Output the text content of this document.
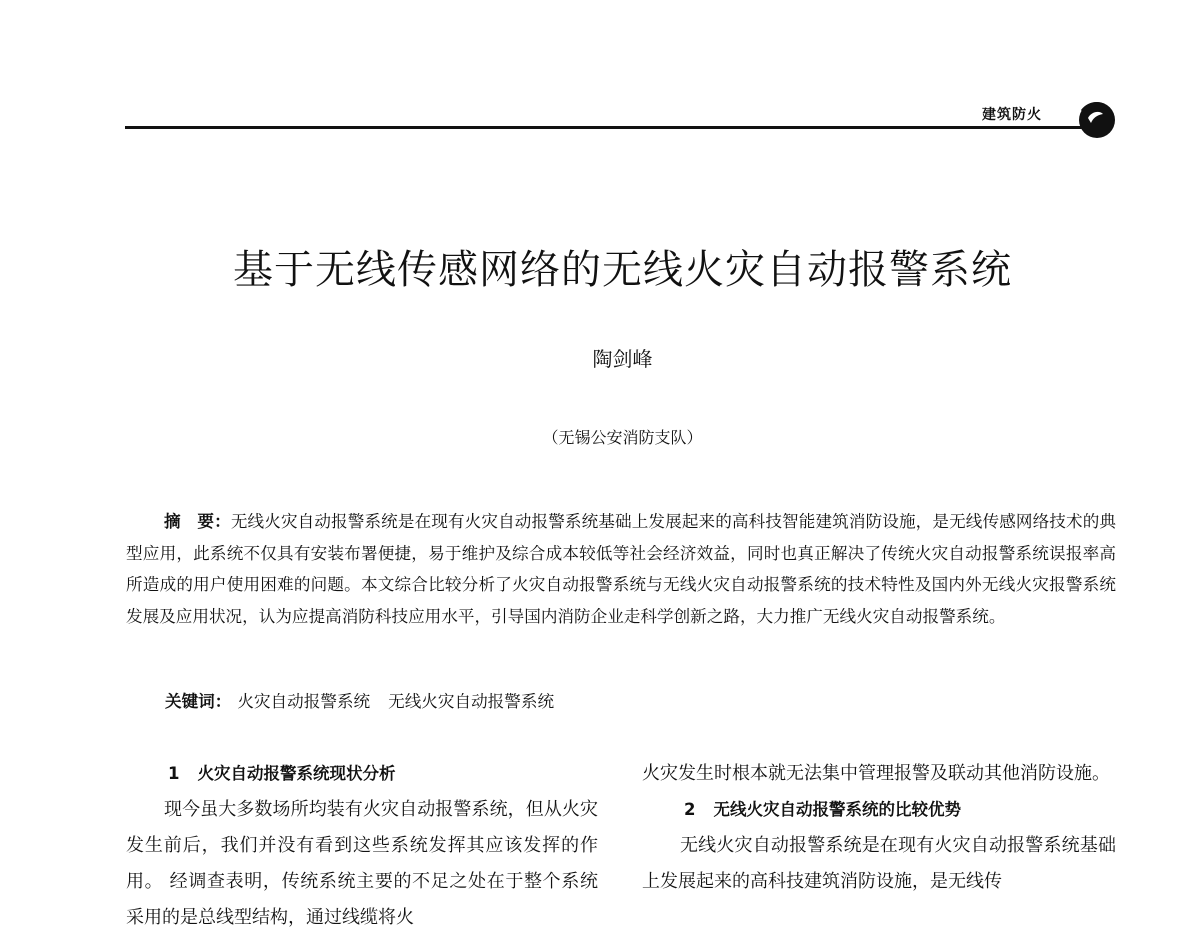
建筑防火
基于无线传感网络的无线火灾自动报警系统
陶剑峰
（无锡公安消防支队）

摘　要：无线火灾自动报警系统是在现有火灾自动报警系统基础上发展起来的高科技智能建筑消防设施，是无线传感网络技术的典型应用，此系统不仅具有安装布署便捷，易于维护及综合成本较低等社会经济效益，同时也真正解决了传统火灾自动报警系统误报率高所造成的用户使用困难的问题。本文综合比较分析了火灾自动报警系统与无线火灾自动报警系统的技术特性及国内外无线火灾报警系统发展及应用状况，认为应提高消防科技应用水平，引导国内消防企业走科学创新之路，大力推广无线火灾自动报警系统。

关键词： 火灾自动报警系统 无线火灾自动报警系统
1 火灾自动报警系统现状分析

现今虽大多数场所均装有火灾自动报警系统，但从火灾发生前后，我们并没有看到这些系统发挥其应该发挥的作用。 经调查表明，传统系统主要的不足之处在于整个系统采用的是总线型结构，通过线缆将火

火灾发生时根本就无法集中管理报警及联动其他消防设施。

2 无线火灾自动报警系统的比较优势

无线火灾自动报警系统是在现有火灾自动报警系统基础上发展起来的高科技建筑消防设施，是无线传
